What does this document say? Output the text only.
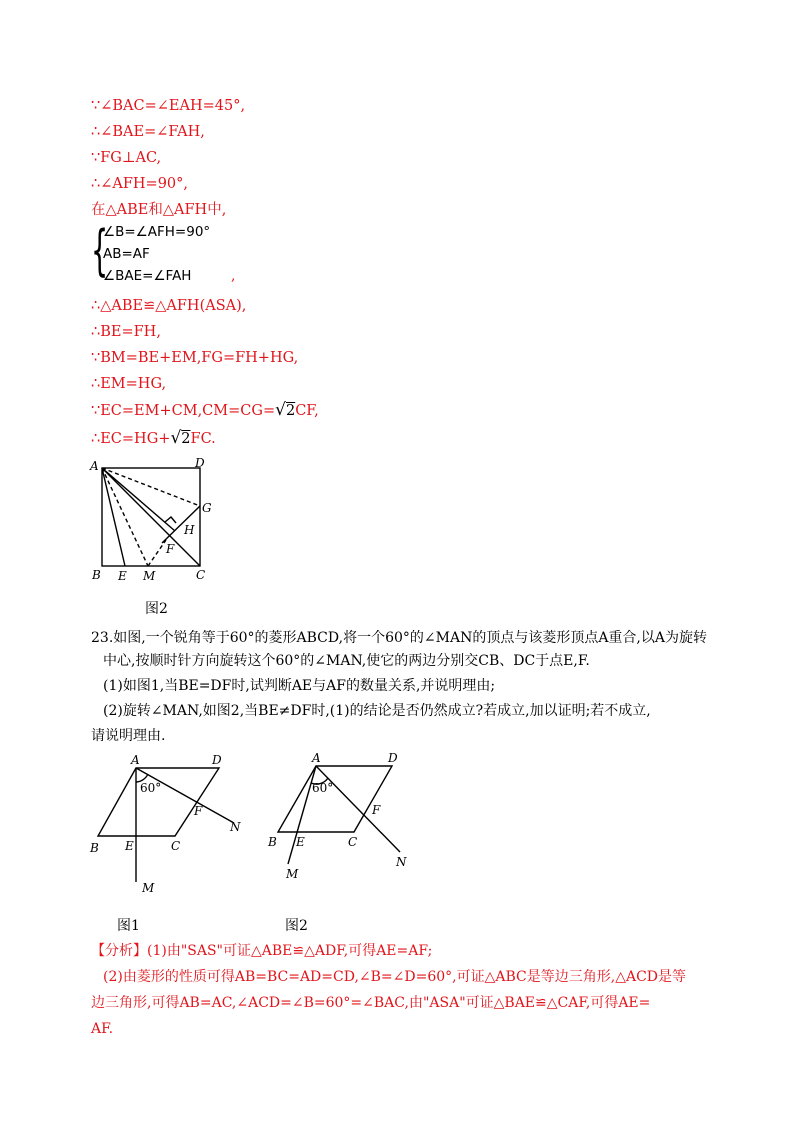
∵∠BAC=∠EAH=45°,
∴∠BAE=∠FAH,
∵FG⊥AC,
∴∠AFH=90°,
在△ABE和△AFH中,
{
∠B=∠AFH=90°
AB=AF
∠BAE=∠FAH	,
∴△ABE≌△AFH(ASA),
∴BE=FH,
∵BM=BE+EM,FG=FH+HG,
∴EM=HG,
∵EC=EM+CM,CM=CG=√2CF,
∴EC=HG+√2FC.
A	D
G
H
F
B E M	C
图2
23.如图,一个锐角等于60°的菱形ABCD,将一个60°的∠MAN的顶点与该菱形顶点A重合,以A为旋转
中心,按顺时针方向旋转这个60°的∠MAN,使它的两边分别交CB、DC于点E,F.
(1)如图1,当BE=DF时,试判断AE与AF的数量关系,并说明理由;
(2)旋转∠MAN,如图2,当BE≠DF时,(1)的结论是否仍然成立?若成立,加以证明;若不成立,
请说明理由.
A	D
60°
F
N
B E	C
M
图1
A	D
60°
F
B E	C
M
N
图2
【分析】(1)由"SAS"可证△ABE≌△ADF,可得AE=AF;
(2)由菱形的性质可得AB=BC=AD=CD,∠B=∠D=60°,可证△ABC是等边三角形,△ACD是等
边三角形,可得AB=AC,∠ACD=∠B=60°=∠BAC,由"ASA"可证△BAE≌△CAF,可得AE=
AF.
